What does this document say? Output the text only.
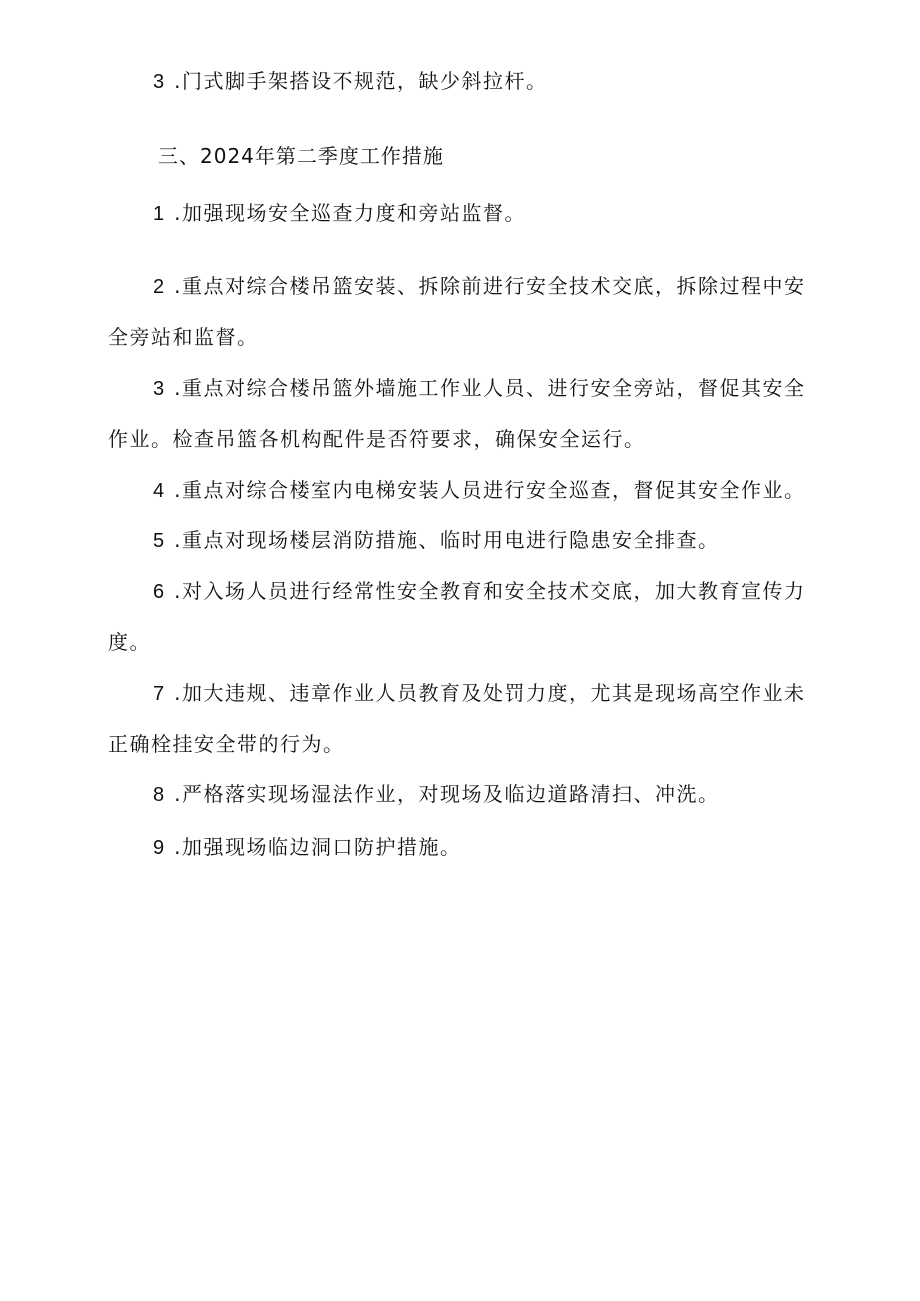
3 .门式脚手架搭设不规范，缺少斜拉杆。
三、2024年第二季度工作措施
1 .加强现场安全巡查力度和旁站监督。
2 .重点对综合楼吊篮安装、拆除前进行安全技术交底，拆除过程中安
全旁站和监督。
3 .重点对综合楼吊篮外墙施工作业人员、进行安全旁站，督促其安全
作业。检查吊篮各机构配件是否符要求，确保安全运行。
4 .重点对综合楼室内电梯安装人员进行安全巡查，督促其安全作业。
5 .重点对现场楼层消防措施、临时用电进行隐患安全排查。
6 .对入场人员进行经常性安全教育和安全技术交底，加大教育宣传力
度。
7 .加大违规、违章作业人员教育及处罚力度，尤其是现场高空作业未
正确栓挂安全带的行为。
8 .严格落实现场湿法作业，对现场及临边道路清扫、冲洗。
9 .加强现场临边洞口防护措施。
